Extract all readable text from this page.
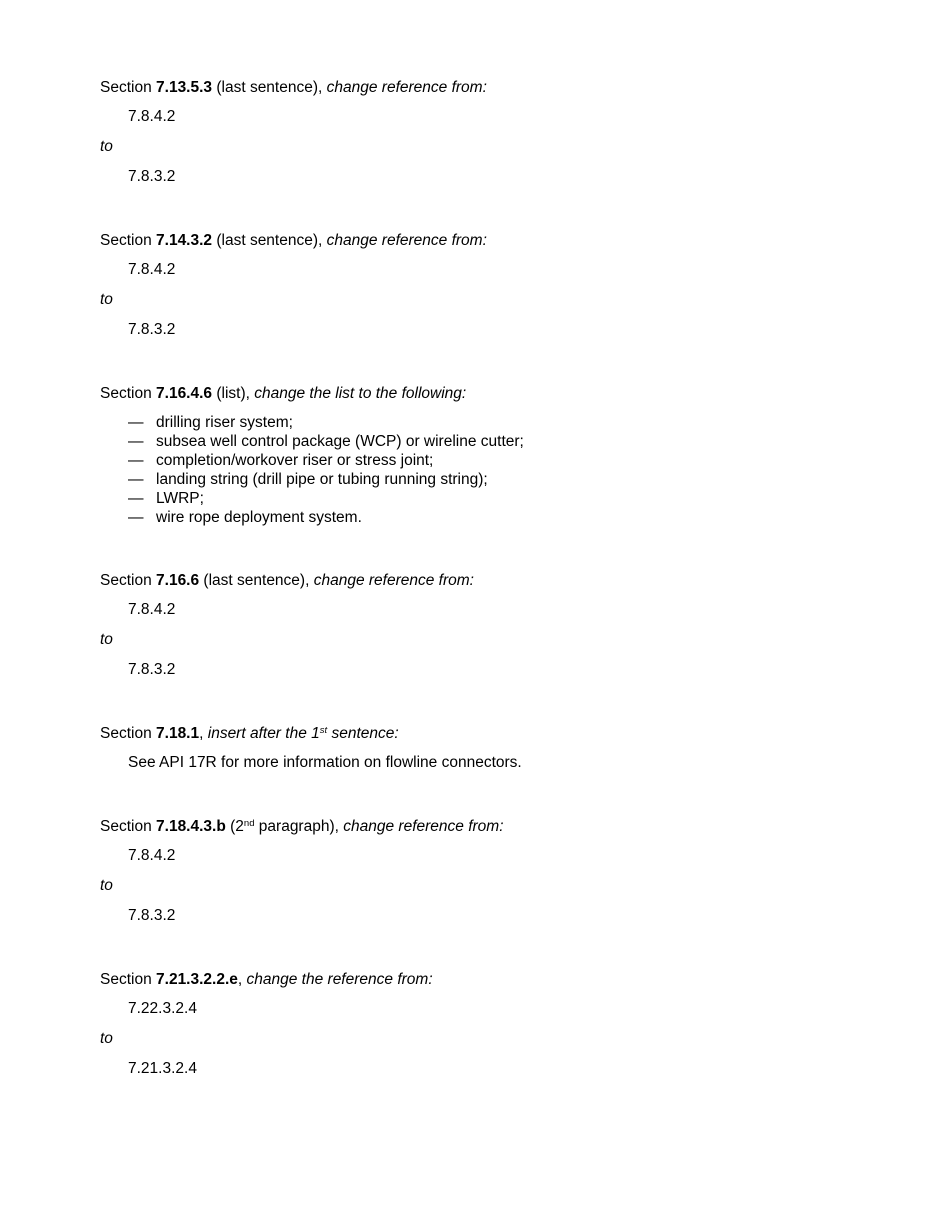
Section 7.13.5.3 (last sentence), change reference from:

7.8.4.2

to

7.8.3.2

Section 7.14.3.2 (last sentence), change reference from:

7.8.4.2

to

7.8.3.2

Section 7.16.4.6 (list), change the list to the following:

— drilling riser system;
— subsea well control package (WCP) or wireline cutter;
— completion/workover riser or stress joint;
— landing string (drill pipe or tubing running string);
— LWRP;
— wire rope deployment system.

Section 7.16.6 (last sentence), change reference from:

7.8.4.2

to

7.8.3.2

Section 7.18.1, insert after the 1st sentence:

See API 17R for more information on flowline connectors.

Section 7.18.4.3.b (2nd paragraph), change reference from:

7.8.4.2

to

7.8.3.2

Section 7.21.3.2.2.e, change the reference from:

7.22.3.2.4

to

7.21.3.2.4
